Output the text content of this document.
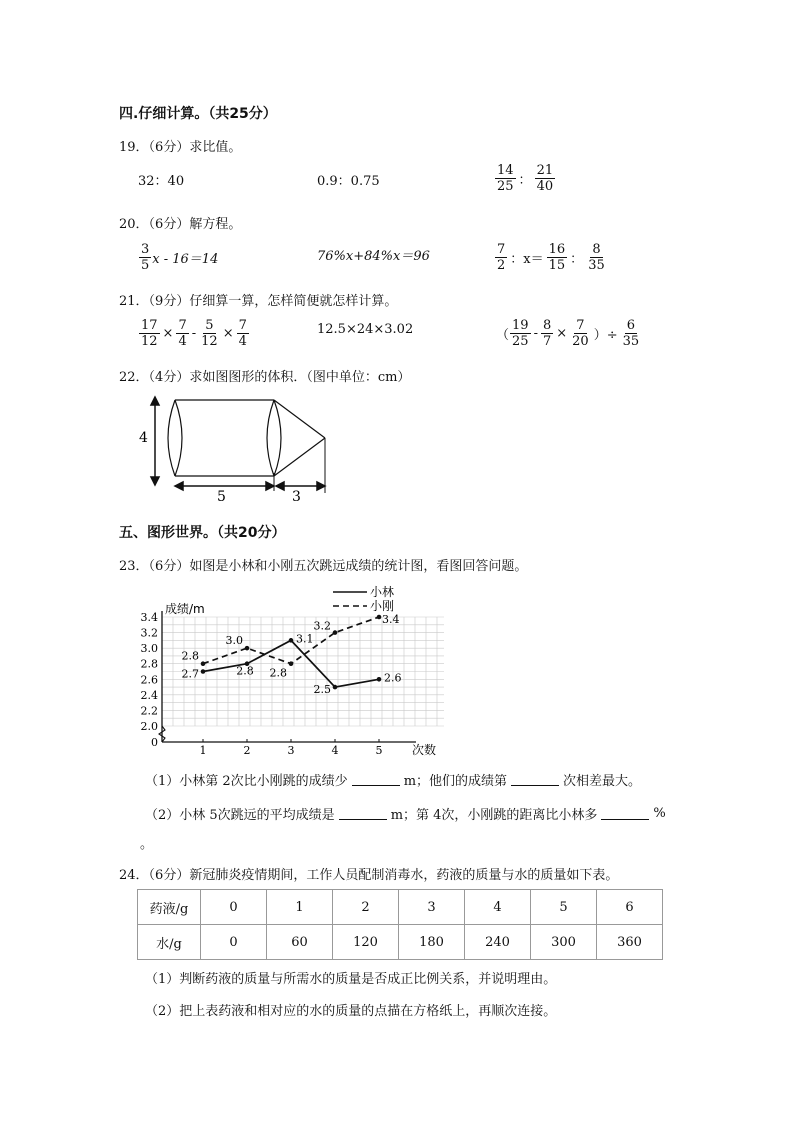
四.仔细计算。（共25分）
19．（6分）求比值。
32：40	0.9：0.75	$\frac{14}{25}$ ： $\frac{21}{40}$
20．（6分）解方程。
$\frac{3}{5}$ x - 16＝14	76%x+84%x＝96	$\frac{7}{2}$ ：$x= \frac{16}{15}$ ： $\frac{8}{35}$
21．（9分）仔细算一算，怎样简便就怎样计算。
$\frac{17}{12} \times \frac{7}{4} - \frac{5}{12} \times \frac{7}{4}$	12.5×24×3.02	（ $\frac{19}{25} - \frac{8}{7} \times \frac{7}{20}$ ）÷ $\frac{6}{35}$
22．（4分）求如图图形的体积．（图中单位：cm）
4
5	3
五、图形世界。（共20分）
23．（6分）如图是小林和小刚五次跳远成绩的统计图，看图回答问题。
0
2.0
2.2
2.4
2.6
2.8
3.0
3.2
3.4
1	2	3	4	5 次数
成绩/m
小林
小刚
2.7	2.8
3.1
2.5
2.6
2.8
3.0
2.8
3.2
3.4
（1）小林第 2次比小刚跳的成绩少	m；他们的成绩第	次相差最大。
（2）小林 5次跳远的平均成绩是	m；第 4次，小刚跳的距离比小林多	%
。
24．（6分）新冠肺炎疫情期间，工作人员配制消毒水，药液的质量与水的质量如下表。
药液/g	0	1	2	3	4	5	6
水/g	0	60	120	180	240	300	360
（1）判断药液的质量与所需水的质量是否成正比例关系，并说明理由。
（2）把上表药液和相对应的水的质量的点描在方格纸上，再顺次连接。
